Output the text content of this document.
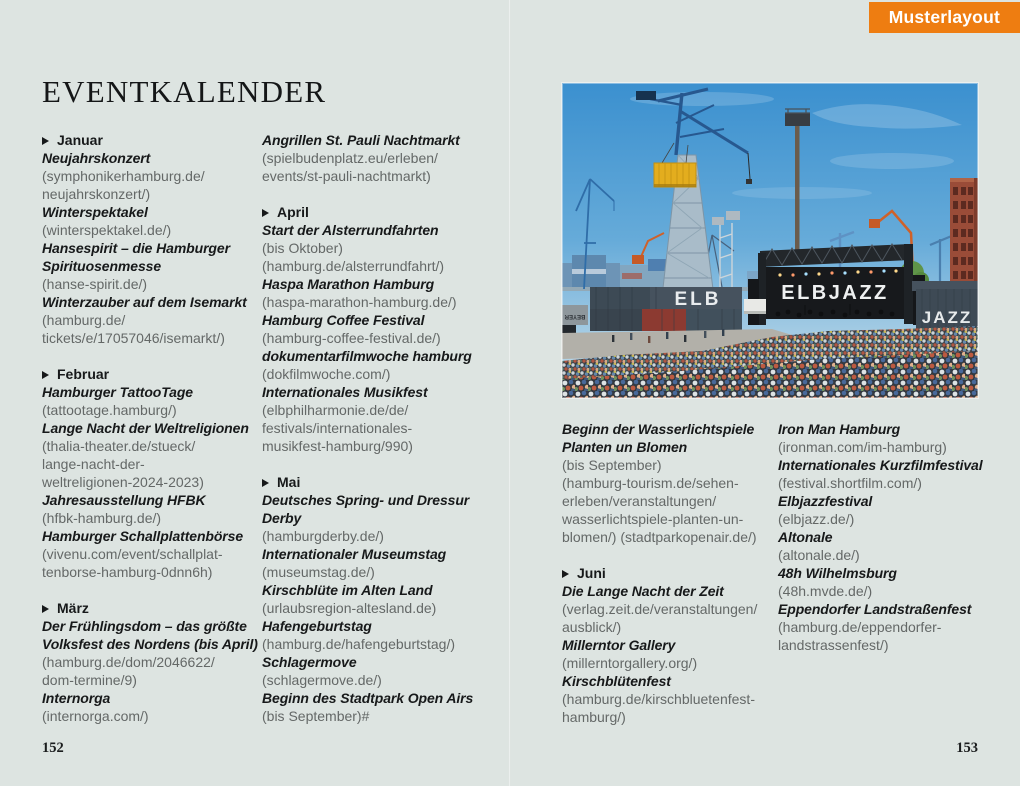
Musterlayout
EVENTKALENDER
Januar
Neujahrskonzert
(symphonikerhamburg.de/
neujahrskonzert/)
Winterspektakel
(winterspektakel.de/)
Hansespirit – die Hamburger
Spirituosenmesse
(hanse-spirit.de/)
Winterzauber auf dem Isemarkt
(hamburg.de/
tickets/e/17057046/isemarkt/)
Februar
Hamburger TattooTage
(tattootage.hamburg/)
Lange Nacht der Weltreligionen
(thalia-theater.de/stueck/
lange-nacht-der-
weltreligionen-2024-2023)
Jahresausstellung HFBK
(hfbk-hamburg.de/)
Hamburger Schallplattenbörse
(vivenu.com/event/schallplat-
tenborse-hamburg-0dnn6h)
März
Der Frühlingsdom – das größte
Volksfest des Nordens (bis April)
(hamburg.de/dom/2046622/
dom-termine/9)
Internorga
(internorga.com/)
Angrillen St. Pauli Nachtmarkt
(spielbudenplatz.eu/erleben/
events/st-pauli-nachtmarkt)
April
Start der Alsterrundfahrten
(bis Oktober)
(hamburg.de/alsterrundfahrt/)
Haspa Marathon Hamburg
(haspa-marathon-hamburg.de/)
Hamburg Coffee Festival
(hamburg-coffee-festival.de/)
dokumentarfilmwoche hamburg
(dokfilmwoche.com/)
Internationales Musikfest
(elbphilharmonie.de/de/
festivals/internationales-
musikfest-hamburg/990)
Mai
Deutsches Spring- und Dressur
Derby
(hamburgderby.de/)
Internationaler Museumstag
(museumstag.de/)
Kirschblüte im Alten Land
(urlaubsregion-altesland.de)
Hafengeburtstag
(hamburg.de/hafengeburtstag/)
Schlagermove
(schlagermove.de/)
Beginn des Stadtpark Open Airs
(bis September)#
ELBJAZZ
BEYER
ELB
JAZZ
Beginn der Wasserlichtspiele
Planten un Blomen
(bis September)
(hamburg-tourism.de/sehen-
erleben/veranstaltungen/
wasserlichtspiele-planten-un-
blomen/) (stadtparkopenair.de/)
Juni
Die Lange Nacht der Zeit
(verlag.zeit.de/veranstaltungen/
ausblick/)
Millerntor Gallery
(millerntorgallery.org/)
Kirschblütenfest
(hamburg.de/kirschbluetenfest-
hamburg/)
Iron Man Hamburg
(ironman.com/im-hamburg)
Internationales Kurzfilmfestival
(festival.shortfilm.com/)
Elbjazzfestival
(elbjazz.de/)
Altonale
(altonale.de/)
48h Wilhelmsburg
(48h.mvde.de/)
Eppendorfer Landstraßenfest
(hamburg.de/eppendorfer-
landstrassenfest/)
152	153
